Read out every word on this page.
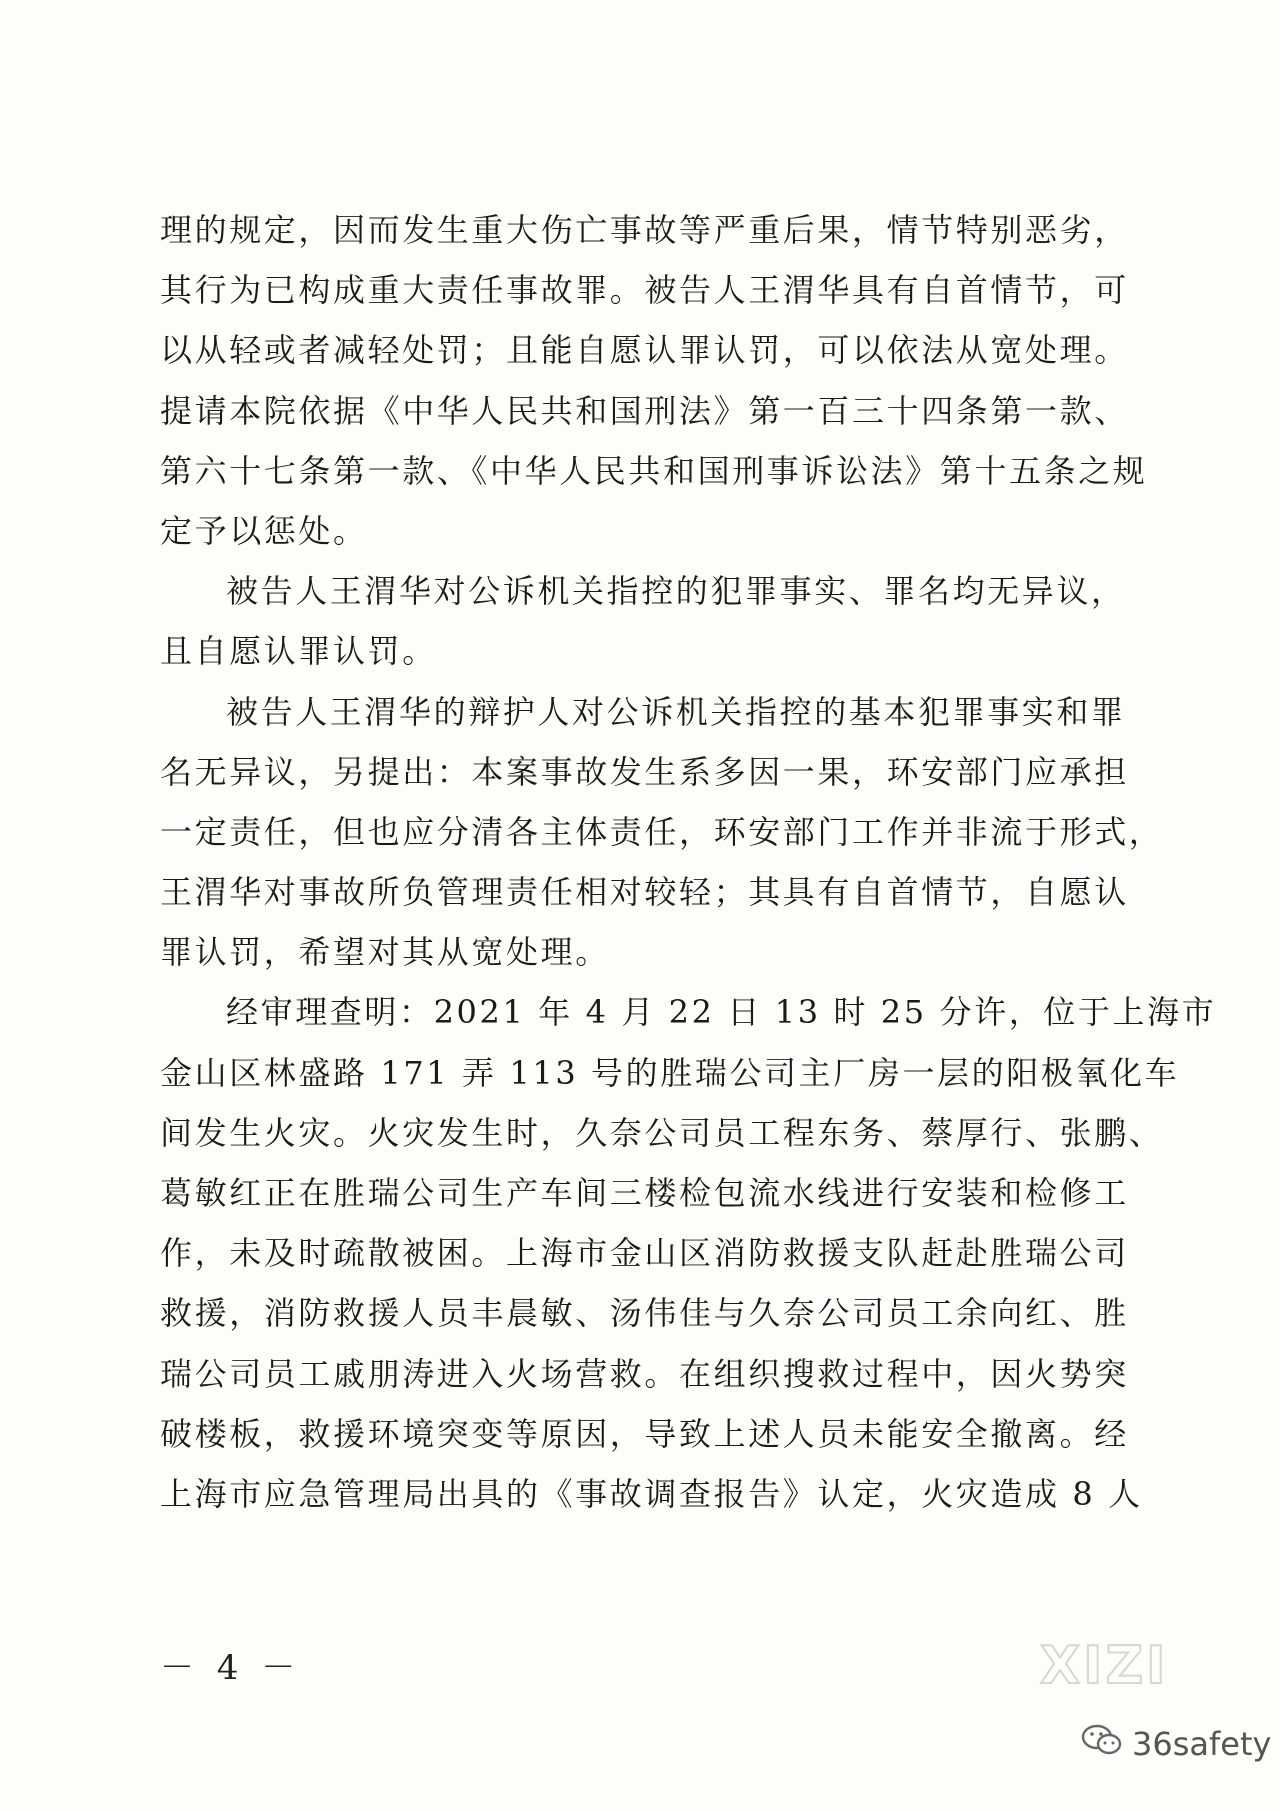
理的规定，因而发生重大伤亡事故等严重后果，情节特别恶劣，
其行为已构成重大责任事故罪。被告人王渭华具有自首情节，可
以从轻或者减轻处罚；且能自愿认罪认罚，可以依法从宽处理。
提请本院依据《中华人民共和国刑法》第一百三十四条第一款、
第六十七条第一款、《中华人民共和国刑事诉讼法》第十五条之规
定予以惩处。
被告人王渭华对公诉机关指控的犯罪事实、罪名均无异议，
且自愿认罪认罚。
被告人王渭华的辩护人对公诉机关指控的基本犯罪事实和罪
名无异议，另提出：本案事故发生系多因一果，环安部门应承担
一定责任，但也应分清各主体责任，环安部门工作并非流于形式，
王渭华对事故所负管理责任相对较轻；其具有自首情节，自愿认
罪认罚，希望对其从宽处理。
经审理查明：2021 年 4 月 22 日 13 时 25 分许，位于上海市
金山区林盛路 171 弄 113 号的胜瑞公司主厂房一层的阳极氧化车
间发生火灾。火灾发生时，久奈公司员工程东务、蔡厚行、张鹏、
葛敏红正在胜瑞公司生产车间三楼检包流水线进行安装和检修工
作，未及时疏散被困。上海市金山区消防救援支队赶赴胜瑞公司
救援，消防救援人员丰晨敏、汤伟佳与久奈公司员工余向红、胜
瑞公司员工戚朋涛进入火场营救。在组织搜救过程中，因火势突
破楼板，救援环境突变等原因，导致上述人员未能安全撤离。经
上海市应急管理局出具的《事故调查报告》认定，火灾造成 8 人
－ 4 －	XIZI
36safety
